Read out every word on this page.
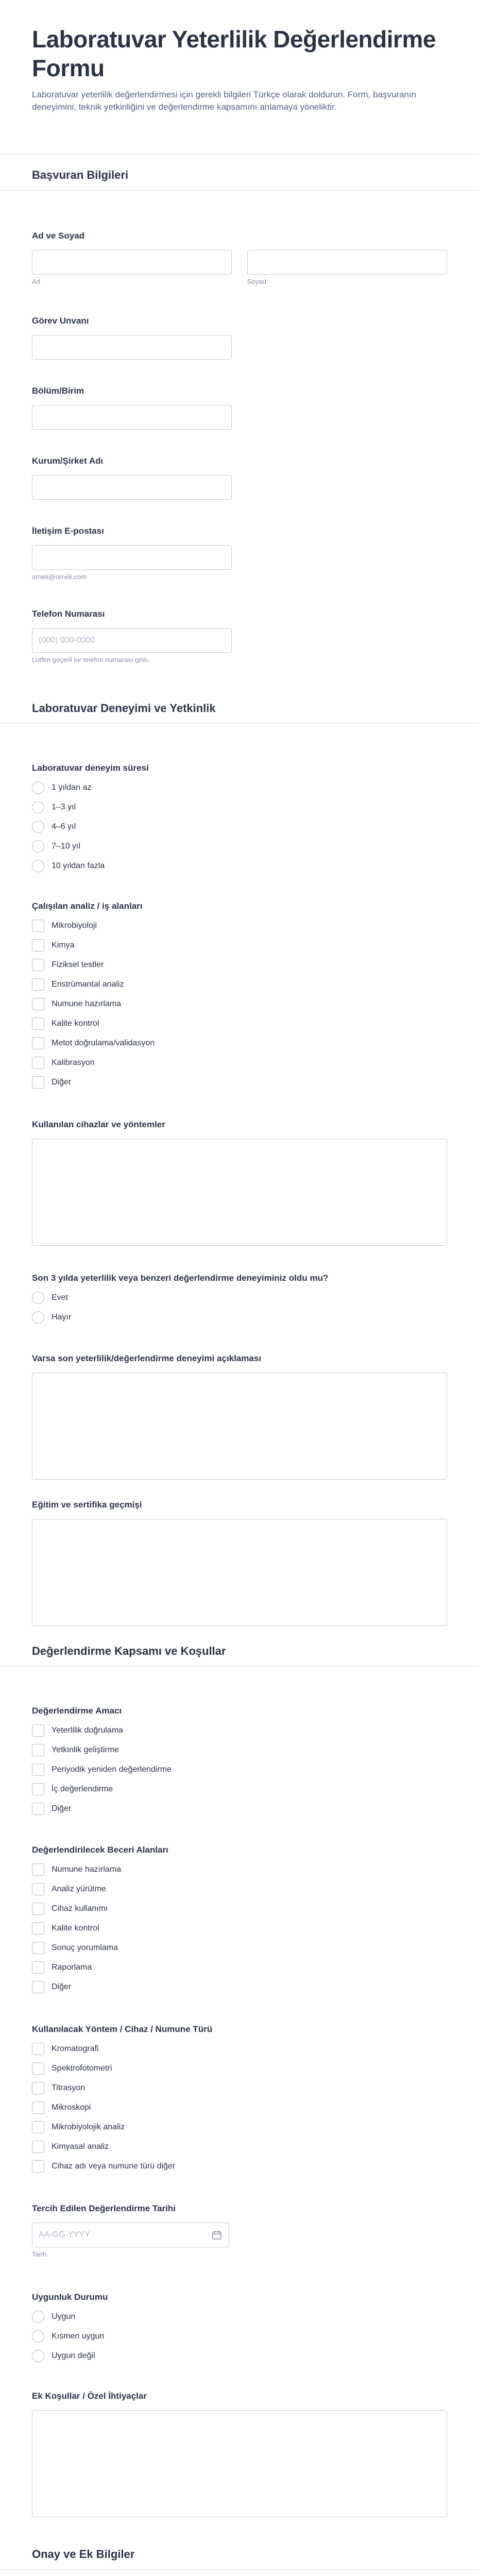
Laboratuvar Yeterlilik Değerlendirme Formu

Laboratuvar yeterlilik değerlendirmesi için gerekli bilgileri Türkçe olarak doldurun. Form, başvuranın deneyimini, teknik yetkinliğini ve değerlendirme kapsamını anlamaya yöneliktir.

Başvuran Bilgileri
Ad ve Soyad
Ad	Soyad
Görev Unvanı
Bölüm/Birim
Kurum/Şirket Adı
İletişim E-postası
ornek@ornek.com
Telefon Numarası
(000) 000-0000
Lütfen geçerli bir telefon numarası girin.
Laboratuvar Deneyimi ve Yetkinlik
Laboratuvar deneyim süresi
1 yıldan az
1–3 yıl
4–6 yıl
7–10 yıl
10 yıldan fazla
Çalışılan analiz / iş alanları
Mikrobiyoloji
Kimya
Fiziksel testler
Enstrümantal analiz
Numune hazırlama
Kalite kontrol
Metot doğrulama/validasyon
Kalibrasyon
Diğer
Kullanılan cihazlar ve yöntemler
Son 3 yılda yeterlilik veya benzeri değerlendirme deneyiminiz oldu mu?
Evet
Hayır
Varsa son yeterlilik/değerlendirme deneyimi açıklaması
Eğitim ve sertifika geçmişi
Değerlendirme Kapsamı ve Koşullar
Değerlendirme Amacı
Yeterlilik doğrulama
Yetkinlik geliştirme
Periyodik yeniden değerlendirme
İç değerlendirme
Diğer
Değerlendirilecek Beceri Alanları
Numune hazırlama
Analiz yürütme
Cihaz kullanımı
Kalite kontrol
Sonuç yorumlama
Raporlama
Diğer
Kullanılacak Yöntem / Cihaz / Numune Türü
Kromatografi
Spektrofotometri
Titrasyon
Mikroskopi
Mikrobiyolojik analiz
Kimyasal analiz
Cihaz adı veya numune türü diğer
Tercih Edilen Değerlendirme Tarihi
AA-GG-YYYY
Tarih
Uygunluk Durumu
Uygun
Kısmen uygun
Uygun değil
Ek Koşullar / Özel İhtiyaçlar
Onay ve Ek Bilgiler
